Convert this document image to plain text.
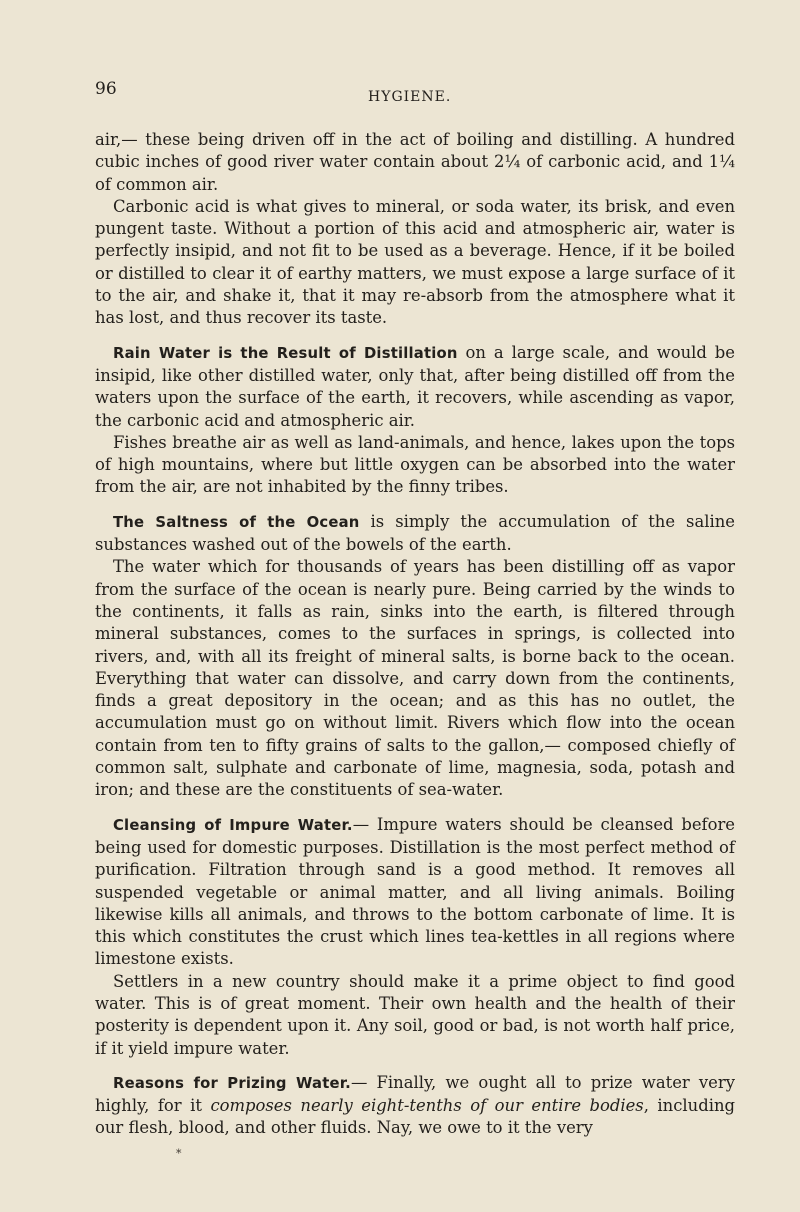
96	HYGIENE.

air,— these being driven off in the act of boiling and distilling. A hundred cubic inches of good river water contain about 2¼ of carbonic acid, and 1¼ of common air.

Carbonic acid is what gives to mineral, or soda water, its brisk, and even pungent taste. Without a portion of this acid and atmospheric air, water is perfectly insipid, and not fit to be used as a beverage. Hence, if it be boiled or distilled to clear it of earthy matters, we must expose a large surface of it to the air, and shake it, that it may re-absorb from the atmosphere what it has lost, and thus recover its taste.

Rain Water is the Result of Distillation on a large scale, and would be insipid, like other distilled water, only that, after being distilled off from the waters upon the surface of the earth, it recovers, while ascending as vapor, the carbonic acid and atmospheric air.

Fishes breathe air as well as land-animals, and hence, lakes upon the tops of high mountains, where but little oxygen can be absorbed into the water from the air, are not inhabited by the finny tribes.

The Saltness of the Ocean is simply the accumulation of the saline substances washed out of the bowels of the earth.

The water which for thousands of years has been distilling off as vapor from the surface of the ocean is nearly pure. Being carried by the winds to the continents, it falls as rain, sinks into the earth, is filtered through mineral substances, comes to the surfaces in springs, is collected into rivers, and, with all its freight of mineral salts, is borne back to the ocean. Everything that water can dissolve, and carry down from the continents, finds a great depository in the ocean; and as this has no outlet, the accumulation must go on without limit. Rivers which flow into the ocean contain from ten to fifty grains of salts to the gallon,— composed chiefly of common salt, sulphate and carbonate of lime, magnesia, soda, potash and iron; and these are the constituents of sea-water.

Cleansing of Impure Water.— Impure waters should be cleansed before being used for domestic purposes. Distillation is the most perfect method of purification. Filtration through sand is a good method. It removes all suspended vegetable or animal matter, and all living animals. Boiling likewise kills all animals, and throws to the bottom carbonate of lime. It is this which constitutes the crust which lines tea-kettles in all regions where limestone exists.

Settlers in a new country should make it a prime object to find good water. This is of great moment. Their own health and the health of their posterity is dependent upon it. Any soil, good or bad, is not worth half price, if it yield impure water.

Reasons for Prizing Water.— Finally, we ought all to prize water very highly, for it composes nearly eight-tenths of our entire bodies, including our flesh, blood, and other fluids. Nay, we owe to it the very

*
